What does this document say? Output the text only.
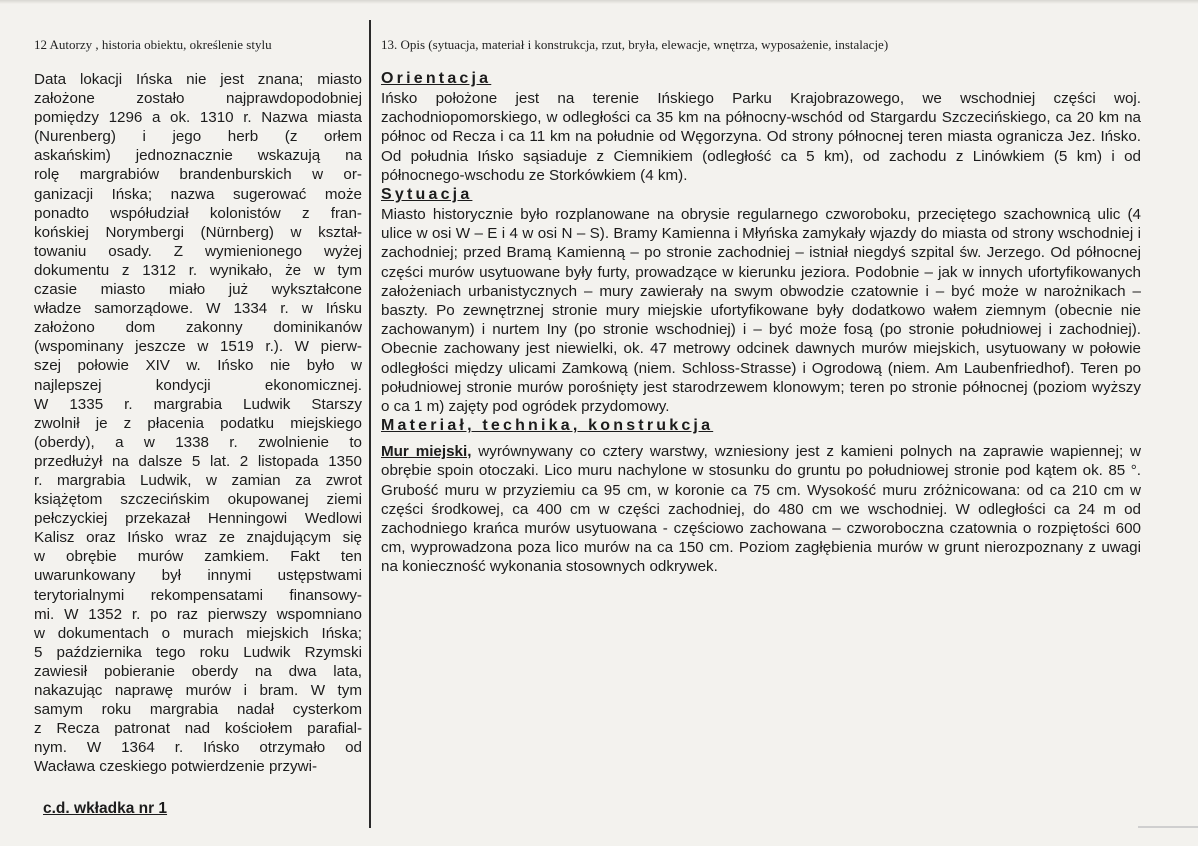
12 Autorzy , historia obiektu, określenie stylu	13. Opis (sytuacja, materiał i konstrukcja, rzut, bryła, elewacje, wnętrza, wyposażenie, instalacje)

Data lokacji Ińska nie jest znana; miasto

założone zostało najprawdopodobniej

pomiędzy 1296 a ok. 1310 r. Nazwa miasta

(Nurenberg) i jego herb (z orłem

askańskim) jednoznacznie wskazują na

rolę margrabiów brandenburskich w or-

ganizacji Ińska; nazwa sugerować może

ponadto współudział kolonistów z fran-

końskiej Norymbergi (Nürnberg) w kształ-

towaniu osady. Z wymienionego wyżej

dokumentu z 1312 r. wynikało, że w tym

czasie miasto miało już wykształcone

władze samorządowe. W 1334 r. w Ińsku

założono dom zakonny dominikanów

(wspominany jeszcze w 1519 r.). W pierw-

szej połowie XIV w. Ińsko nie było w

najlepszej kondycji ekonomicznej.

W 1335 r. margrabia Ludwik Starszy

zwolnił je z płacenia podatku miejskiego

(oberdy), a w 1338 r. zwolnienie to

przedłużył na dalsze 5 lat. 2 listopada 1350

r. margrabia Ludwik, w zamian za zwrot

książętom szczecińskim okupowanej ziemi

pełczyckiej przekazał Henningowi Wedlowi

Kalisz oraz Ińsko wraz ze znajdującym się

w obrębie murów zamkiem. Fakt ten

uwarunkowany był innymi ustępstwami

terytorialnymi rekompensatami finansowy-

mi. W 1352 r. po raz pierwszy wspomniano

w dokumentach o murach miejskich Ińska;

5 października tego roku Ludwik Rzymski

zawiesił pobieranie oberdy na dwa lata,

nakazując naprawę murów i bram. W tym

samym roku margrabia nadał cysterkom

z Recza patronat nad kościołem parafial-

nym. W 1364 r. Ińsko otrzymało od

Wacława czeskiego potwierdzenie przywi-

c.d. wkładka nr 1

Orientacja

Ińsko położone jest na terenie Ińskiego Parku Krajobrazowego, we wschodniej części woj. zachodniopomorskiego, w odległości ca 35 km na północny-wschód od Stargardu Szczecińskiego, ca 20 km na północ od Recza i ca 11 km na południe od Węgorzyna. Od strony północnej teren miasta ogranicza Jez. Ińsko. Od południa Ińsko sąsiaduje z Ciemnikiem (odległość ca 5 km), od zachodu z Linówkiem (5 km) i od północnego-wschodu ze Storkówkiem (4 km).

Sytuacja

Miasto historycznie było rozplanowane na obrysie regularnego czworoboku, przeciętego szachownicą ulic (4 ulice w osi W – E i 4 w osi N – S). Bramy Kamienna i Młyńska zamykały wjazdy do miasta od strony wschodniej i zachodniej; przed Bramą Kamienną – po stronie zachodniej – istniał niegdyś szpital św. Jerzego. Od północnej części murów usytuowane były furty, prowadzące w kierunku jeziora. Podobnie – jak w innych ufortyfikowanych założeniach urbanistycznych – mury zawierały na swym obwodzie czatownie i – być może w narożnikach – baszty. Po zewnętrznej stronie mury miejskie ufortyfikowane były dodatkowo wałem ziemnym (obecnie nie zachowanym) i nurtem Iny (po stronie wschodniej) i – być może fosą (po stronie południowej i zachodniej). Obecnie zachowany jest niewielki, ok. 47 metrowy odcinek dawnych murów miejskich, usytuowany w połowie odległości między ulicami Zamkową (niem. Schloss-Strasse) i Ogrodową (niem. Am Laubenfriedhof). Teren po południowej stronie murów porośnięty jest starodrzewem klonowym; teren po stronie północnej (poziom wyższy o ca 1 m) zajęty pod ogródek przydomowy.

Materiał, technika, konstrukcja

Mur miejski, wyrównywany co cztery warstwy, wzniesiony jest z kamieni polnych na zaprawie wapiennej; w obrębie spoin otoczaki. Lico muru nachylone w stosunku do gruntu po południowej stronie pod kątem ok. 85 °. Grubość muru w przyziemiu ca 95 cm, w koronie ca 75 cm. Wysokość muru zróżnicowana: od ca 210 cm w części środkowej, ca 400 cm w części zachodniej, do 480 cm we wschodniej. W odległości ca 24 m od zachodniego krańca murów usytuowana - częściowo zachowana – czworoboczna czatownia o rozpiętości 600 cm, wyprowadzona poza lico murów na ca 150 cm. Poziom zagłębienia murów w grunt nierozpoznany z uwagi na konieczność wykonania stosownych odkrywek.
